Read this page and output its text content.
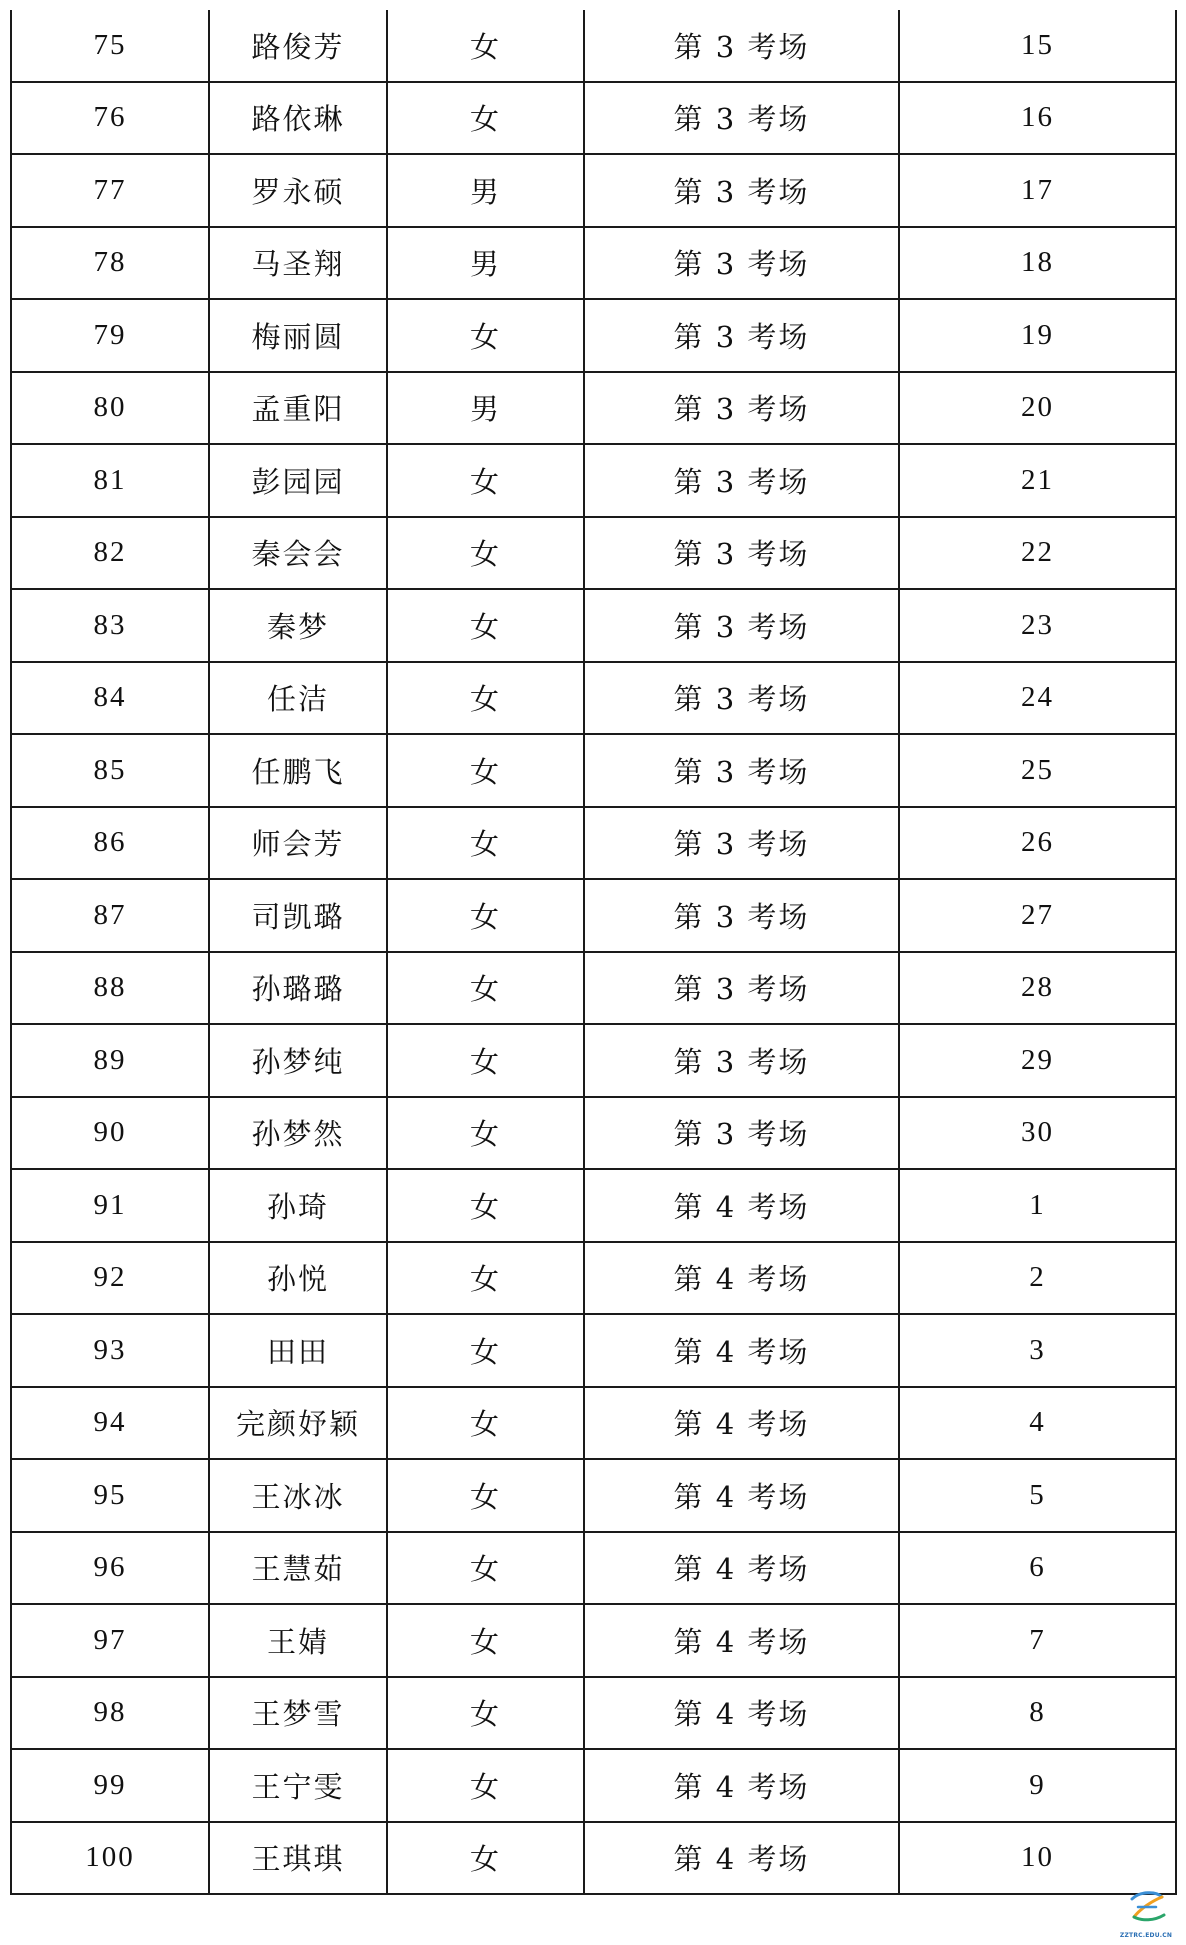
75	路俊芳	女	第 3 考场	15
76	路依琳	女	第 3 考场	16
77	罗永硕	男	第 3 考场	17
78	马圣翔	男	第 3 考场	18
79	梅丽圆	女	第 3 考场	19
80	孟重阳	男	第 3 考场	20
81	彭园园	女	第 3 考场	21
82	秦会会	女	第 3 考场	22
83	秦梦	女	第 3 考场	23
84	任洁	女	第 3 考场	24
85	任鹏飞	女	第 3 考场	25
86	师会芳	女	第 3 考场	26
87	司凯璐	女	第 3 考场	27
88	孙璐璐	女	第 3 考场	28
89	孙梦纯	女	第 3 考场	29
90	孙梦然	女	第 3 考场	30
91	孙琦	女	第 4 考场	1
92	孙悦	女	第 4 考场	2
93	田田	女	第 4 考场	3
94	完颜妤颖	女	第 4 考场	4
95	王冰冰	女	第 4 考场	5
96	王慧茹	女	第 4 考场	6
97	王婧	女	第 4 考场	7
98	王梦雪	女	第 4 考场	8
99	王宁雯	女	第 4 考场	9
100	王琪琪	女	第 4 考场	10
ZZTRC.EDU.CN
